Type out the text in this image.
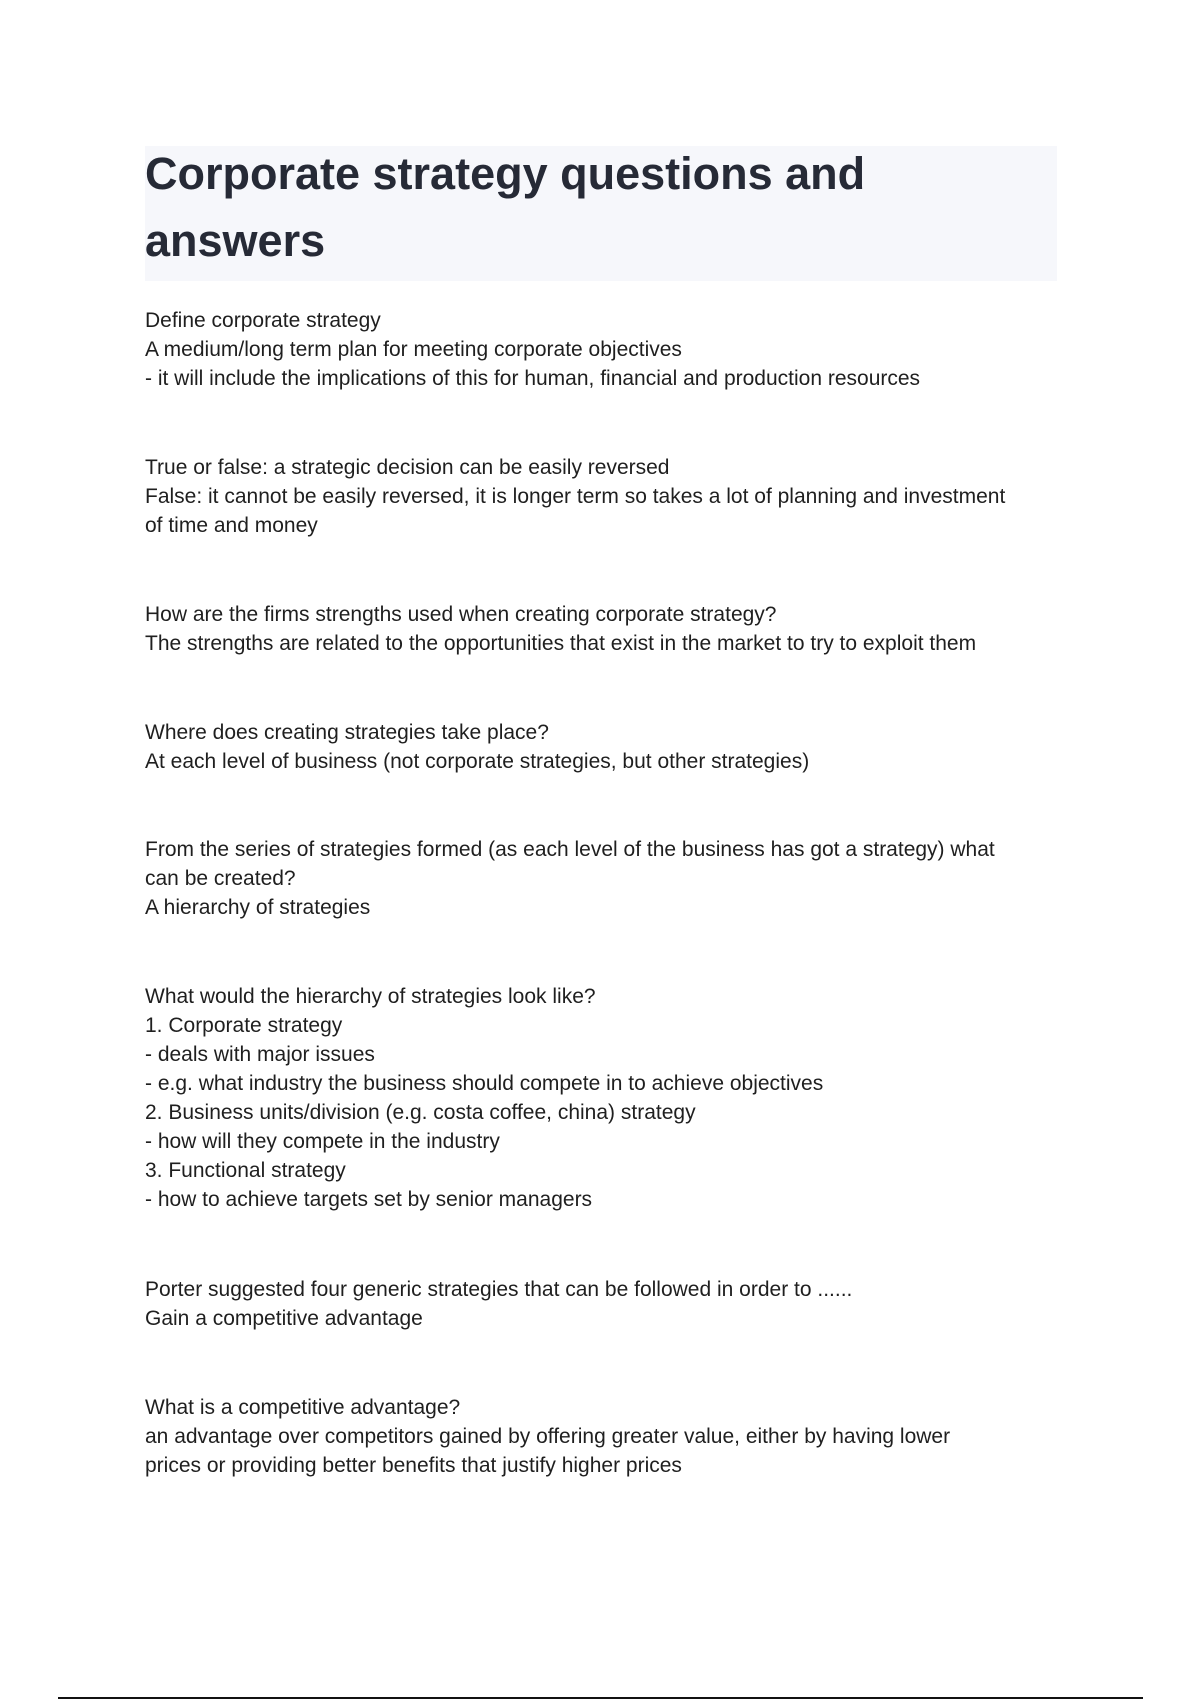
Corporate strategy questions and answers
Define corporate strategy
A medium/long term plan for meeting corporate objectives
- it will include the implications of this for human, financial and production resources
True or false: a strategic decision can be easily reversed
False: it cannot be easily reversed, it is longer term so takes a lot of planning and investment
of time and money
How are the firms strengths used when creating corporate strategy?
The strengths are related to the opportunities that exist in the market to try to exploit them
Where does creating strategies take place?
At each level of business (not corporate strategies, but other strategies)
From the series of strategies formed (as each level of the business has got a strategy) what
can be created?
A hierarchy of strategies
What would the hierarchy of strategies look like?
1. Corporate strategy
- deals with major issues
- e.g. what industry the business should compete in to achieve objectives
2. Business units/division (e.g. costa coffee, china) strategy
- how will they compete in the industry
3. Functional strategy
- how to achieve targets set by senior managers
Porter suggested four generic strategies that can be followed in order to ......
Gain a competitive advantage
What is a competitive advantage?
an advantage over competitors gained by offering greater value, either by having lower
prices or providing better benefits that justify higher prices
